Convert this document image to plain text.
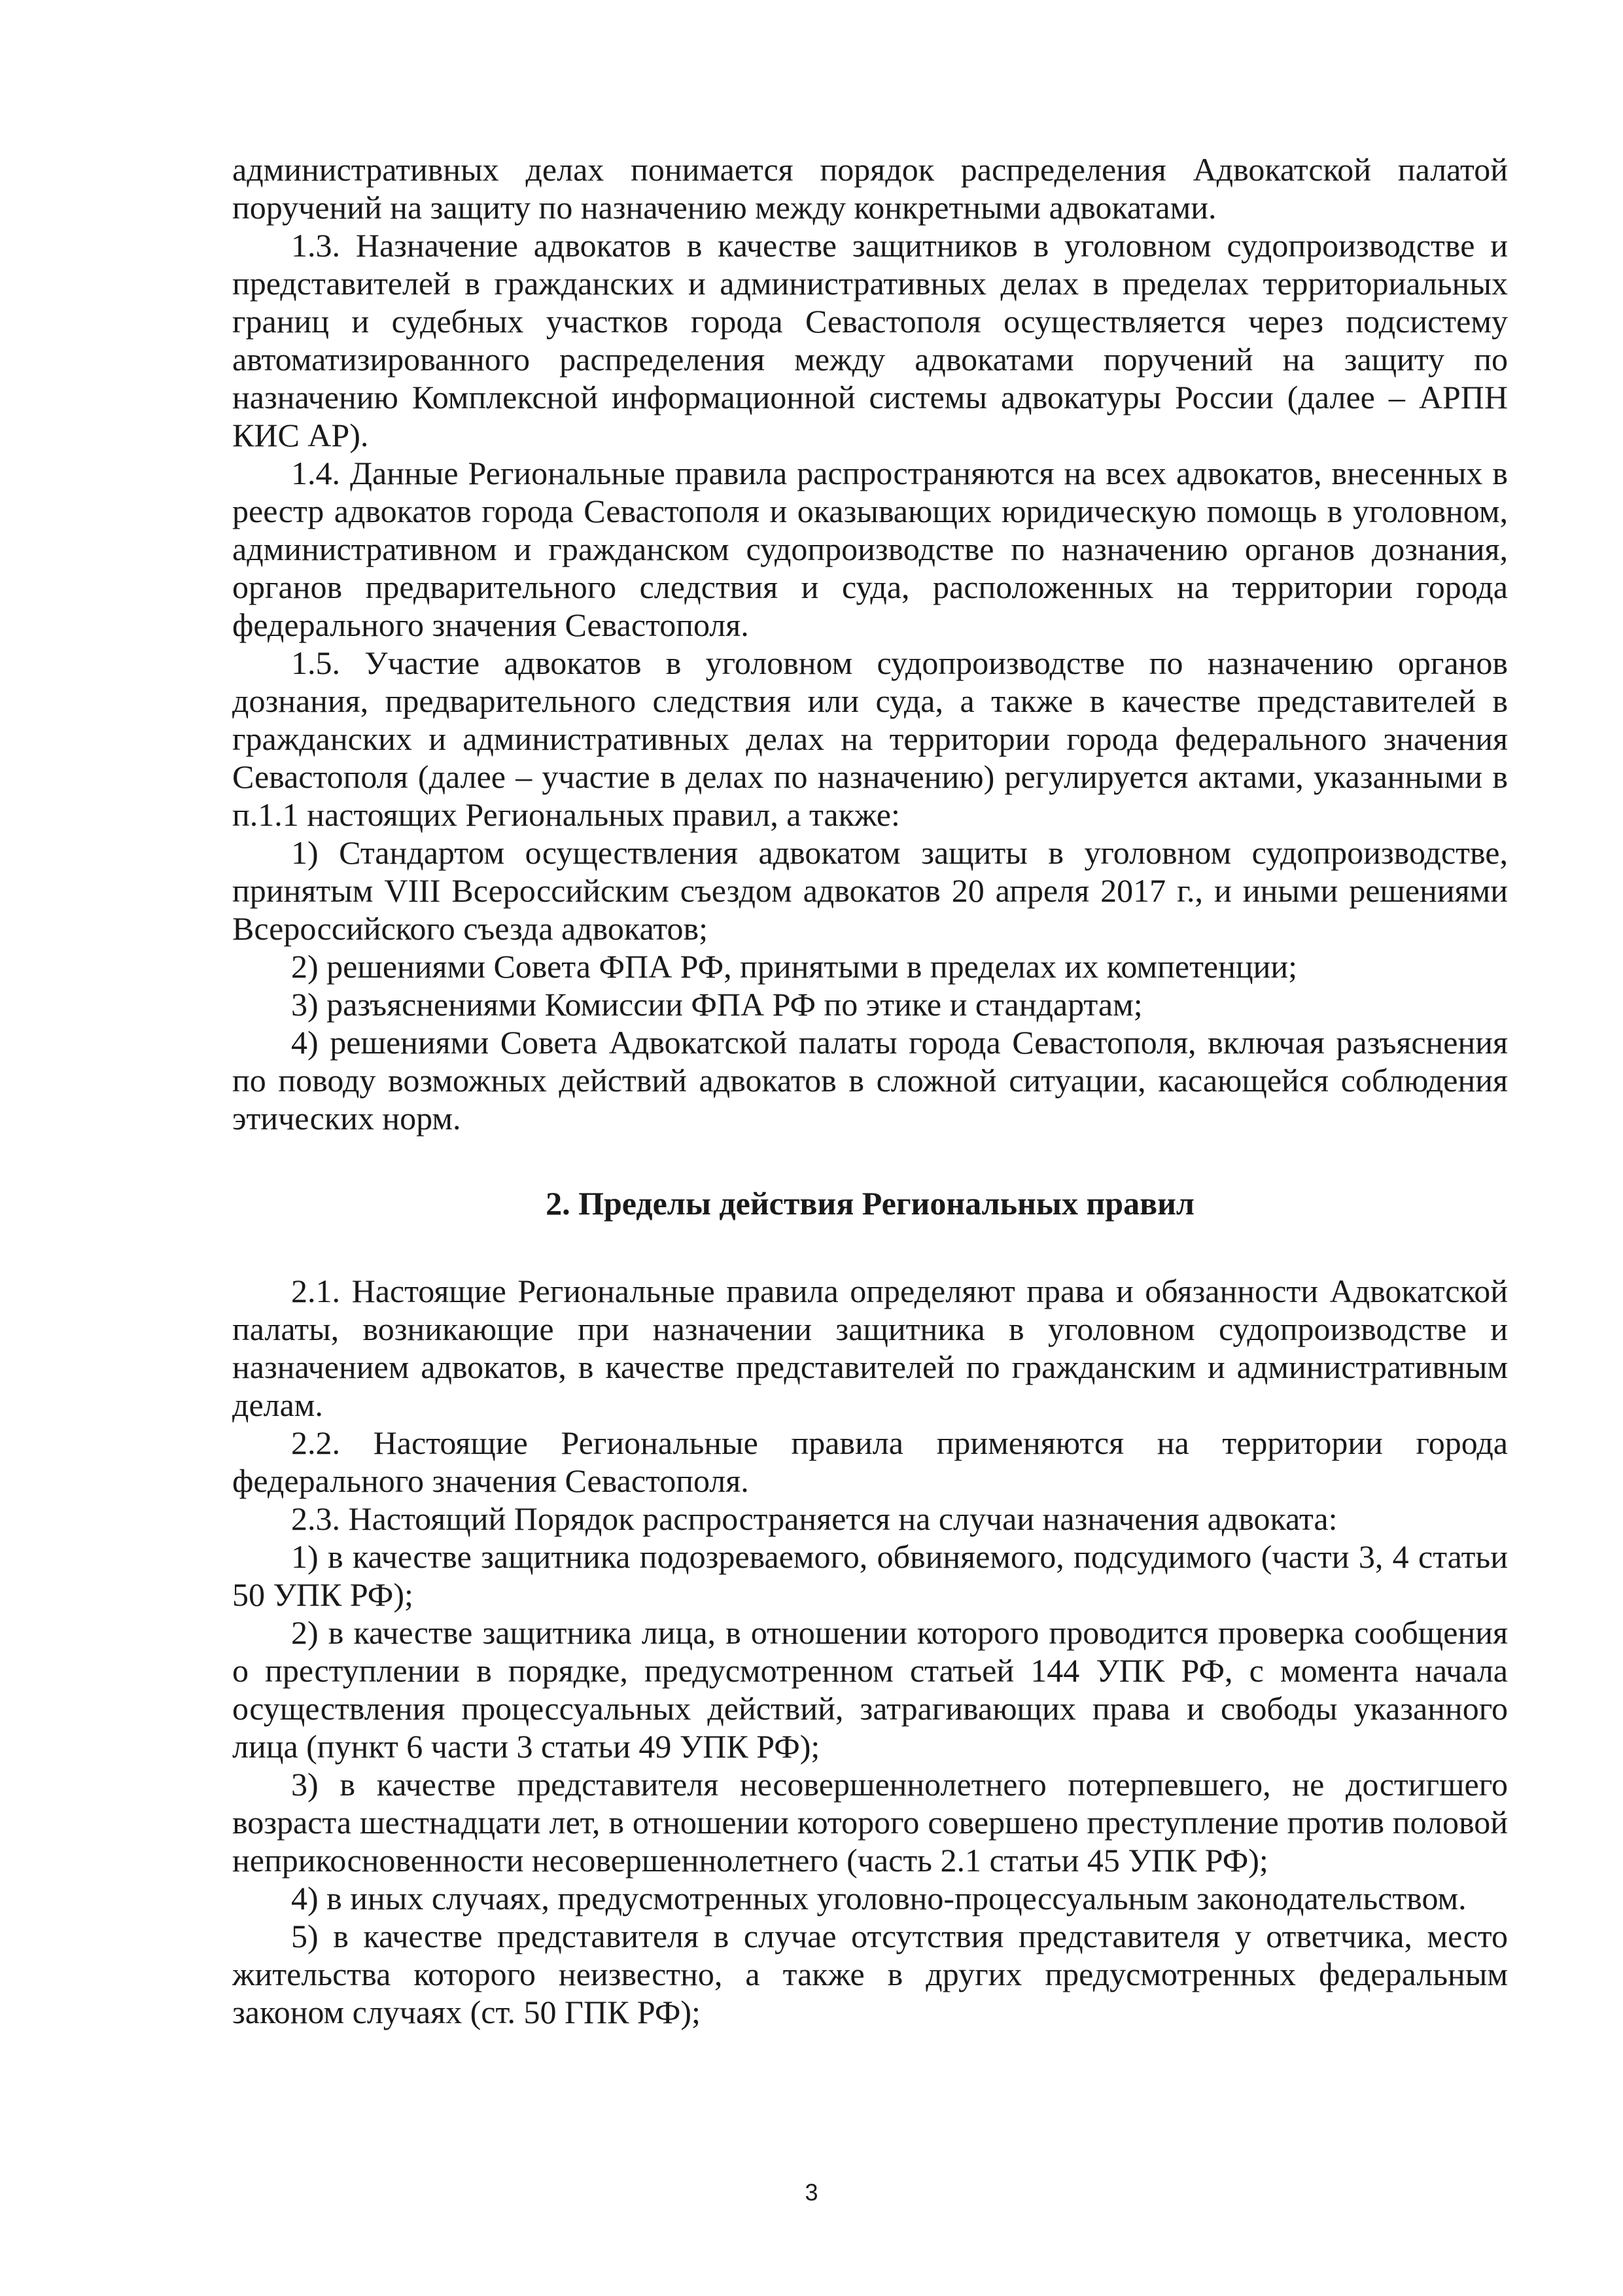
административных делах понимается порядок распределения Адвокатской палатой поручений на защиту по назначению между конкретными адвокатами.

1.3. Назначение адвокатов в качестве защитников в уголовном судопроизводстве и представителей в гражданских и административных делах в пределах территориальных границ и судебных участков города Севастополя осуществляется через подсистему автоматизированного распределения между адвокатами поручений на защиту по назначению Комплексной информационной системы адвокатуры России (далее – АРПН КИС АР).

1.4. Данные Региональные правила распространяются на всех адвокатов, внесенных в реестр адвокатов города Севастополя и оказывающих юридическую помощь в уголовном, административном и гражданском судопроизводстве по назначению органов дознания, органов предварительного следствия и суда, расположенных на территории города федерального значения Севастополя.

1.5. Участие адвокатов в уголовном судопроизводстве по назначению органов дознания, предварительного следствия или суда, а также в качестве представителей в гражданских и административных делах на территории города федерального значения Севастополя (далее – участие в делах по назначению) регулируется актами, указанными в п.1.1 настоящих Региональных правил, а также:

1) Стандартом осуществления адвокатом защиты в уголовном судопроизводстве, принятым VIII Всероссийским съездом адвокатов 20 апреля 2017 г., и иными решениями Всероссийского съезда адвокатов;

2) решениями Совета ФПА РФ, принятыми в пределах их компетенции;

3) разъяснениями Комиссии ФПА РФ по этике и стандартам;

4) решениями Совета Адвокатской палаты города Севастополя, включая разъяснения по поводу возможных действий адвокатов в сложной ситуации, касающейся соблюдения этических норм.

2. Пределы действия Региональных правил

2.1. Настоящие Региональные правила определяют права и обязанности Адвокатской палаты, возникающие при назначении защитника в уголовном судопроизводстве и назначением адвокатов, в качестве представителей по гражданским и административным делам.

2.2. Настоящие Региональные правила применяются на территории города федерального значения Севастополя.

2.3. Настоящий Порядок распространяется на случаи назначения адвоката:

1) в качестве защитника подозреваемого, обвиняемого, подсудимого (части 3, 4 статьи 50 УПК РФ);

2) в качестве защитника лица, в отношении которого проводится проверка сообщения о преступлении в порядке, предусмотренном статьей 144 УПК РФ, с момента начала осуществления процессуальных действий, затрагивающих права и свободы указанного лица (пункт 6 части 3 статьи 49 УПК РФ);

3) в качестве представителя несовершеннолетнего потерпевшего, не достигшего возраста шестнадцати лет, в отношении которого совершено преступление против половой неприкосновенности несовершеннолетнего (часть 2.1 статьи 45 УПК РФ);

4) в иных случаях, предусмотренных уголовно-процессуальным законодательством.

5) в качестве представителя в случае отсутствия представителя у ответчика, место жительства которого неизвестно, а также в других предусмотренных федеральным законом случаях (ст. 50 ГПК РФ);

3
